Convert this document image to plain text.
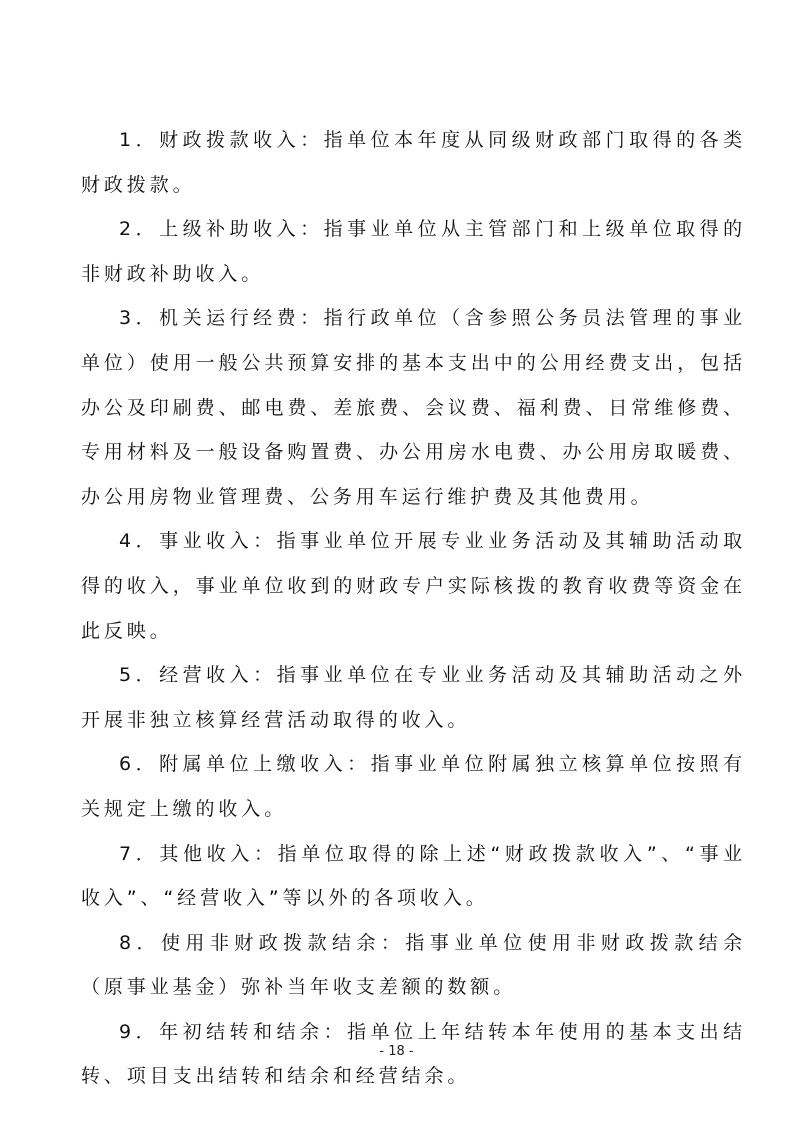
1．财政拨款收入：指单位本年度从同级财政部门取得的各类财政拨款。

2．上级补助收入：指事业单位从主管部门和上级单位取得的非财政补助收入。

3．机关运行经费：指行政单位（含参照公务员法管理的事业单位）使用一般公共预算安排的基本支出中的公用经费支出，包括办公及印刷费、邮电费、差旅费、会议费、福利费、日常维修费、专用材料及一般设备购置费、办公用房水电费、办公用房取暖费、办公用房物业管理费、公务用车运行维护费及其他费用。

4．事业收入：指事业单位开展专业业务活动及其辅助活动取得的收入，事业单位收到的财政专户实际核拨的教育收费等资金在此反映。

5．经营收入：指事业单位在专业业务活动及其辅助活动之外开展非独立核算经营活动取得的收入。

6．附属单位上缴收入：指事业单位附属独立核算单位按照有关规定上缴的收入。

7．其他收入：指单位取得的除上述“财政拨款收入”、“事业收入”、“经营收入”等以外的各项收入。

8．使用非财政拨款结余：指事业单位使用非财政拨款结余（原事业基金）弥补当年收支差额的数额。

9．年初结转和结余：指单位上年结转本年使用的基本支出结转、项目支出结转和结余和经营结余。

- 18 -
